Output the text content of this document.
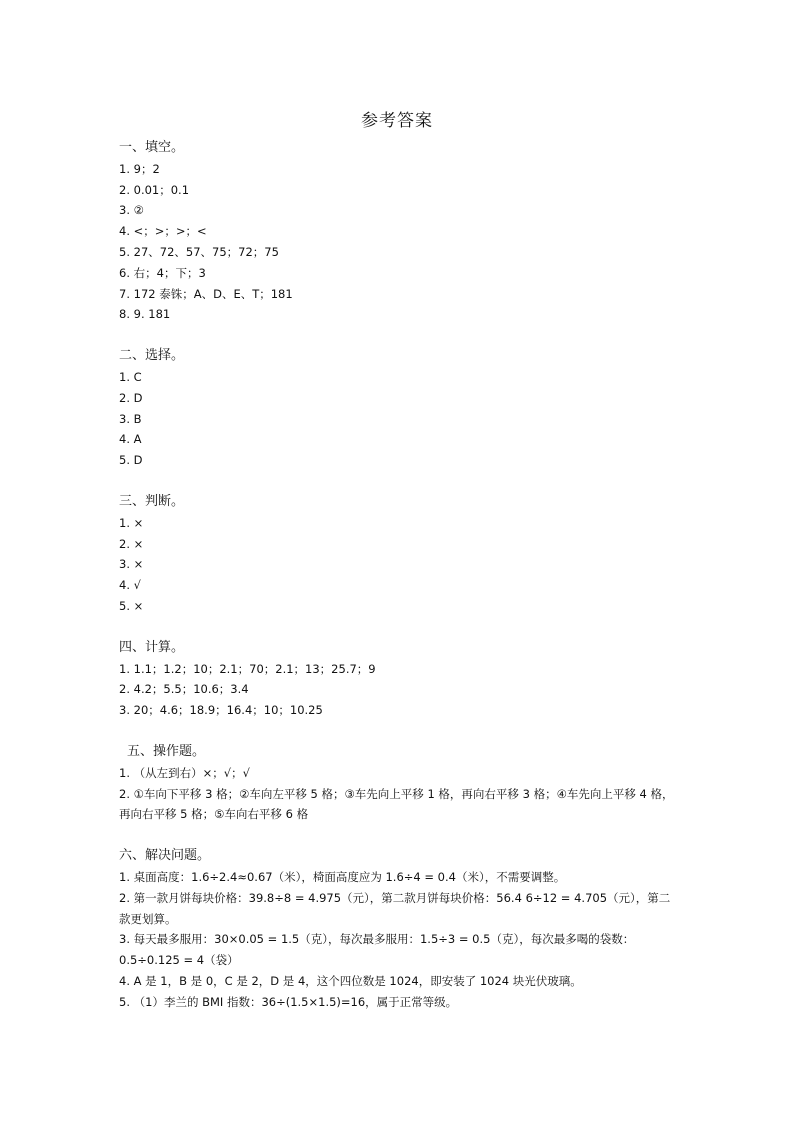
参考答案
一、填空。
1. 9；2
2. 0.01；0.1
3. ②
4. <；>；>；<
5. 27、72、57、75；72；75
6. 右；4；下；3
7. 172 泰铢；A、D、E、T；181
8. 9. 181
二、选择。
1. C
2. D
3. B
4. A
5. D
三、判断。
1. ×
2. ×
3. ×
4. √
5. ×
四、计算。
1. 1.1；1.2；10；2.1；70；2.1；13；25.7；9
2. 4.2；5.5；10.6；3.4
3. 20；4.6；18.9；16.4；10；10.25
五、操作题。
1. （从左到右）×；√；√
2. ①车向下平移 3 格；②车向左平移 5 格；③车先向上平移 1 格，再向右平移 3 格；④车先向上平移 4 格，再向右平移 5 格；⑤车向右平移 6 格
六、解决问题。
1. 桌面高度：1.6÷2.4≈0.67（米），椅面高度应为 1.6÷4 = 0.4（米），不需要调整。
2. 第一款月饼每块价格：39.8÷8 = 4.975（元），第二款月饼每块价格：56.4 6÷12 = 4.705（元），第二款更划算。
3. 每天最多服用：30×0.05 = 1.5（克），每次最多服用：1.5÷3 = 0.5（克），每次最多喝的袋数：0.5÷0.125 = 4（袋）
4. A 是 1，B 是 0，C 是 2，D 是 4，这个四位数是 1024，即安装了 1024 块光伏玻璃。
5. （1）李兰的 BMI 指数：36÷(1.5×1.5)=16，属于正常等级。
